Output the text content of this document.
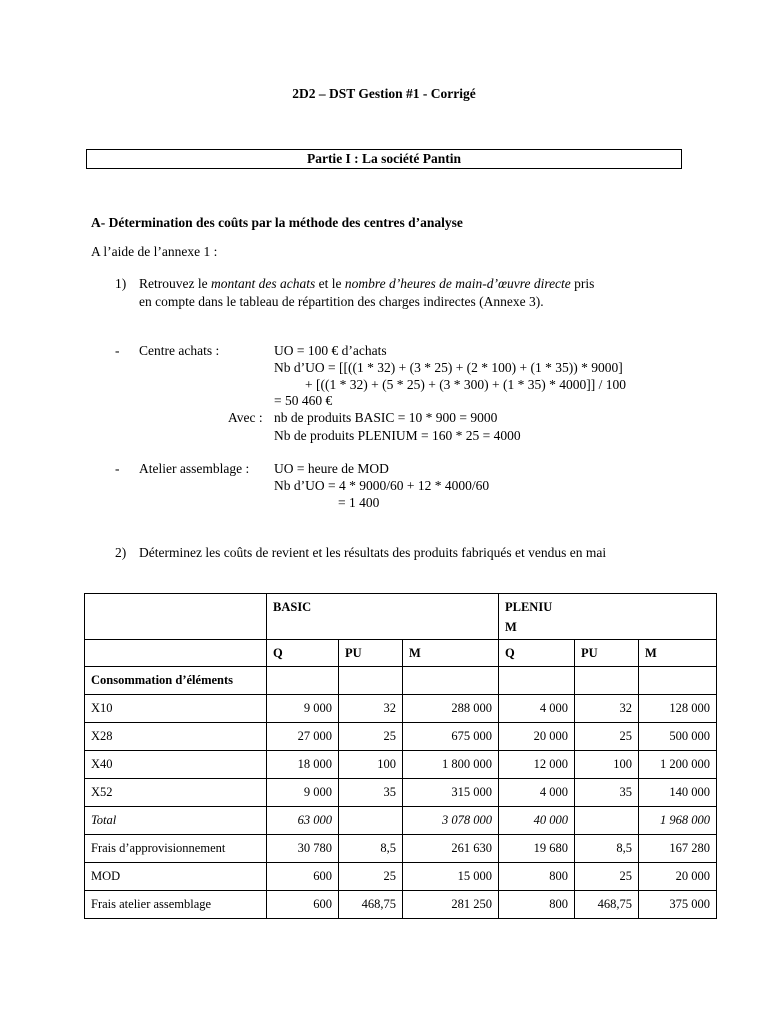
2D2 – DST Gestion #1 - Corrigé
Partie I : La société Pantin
A- Détermination des coûts par la méthode des centres d’analyse
A l’aide de l’annexe 1 :
1) Retrouvez le montant des achats et le nombre d’heures de main-d’œuvre directe pris
en compte dans le tableau de répartition des charges indirectes (Annexe 3).
- Centre achats :	UO = 100 € d’achats
Nb d’UO = [[((1 * 32) + (3 * 25) + (2 * 100) + (1 * 35)) * 9000]
+ [((1 * 32) + (5 * 25) + (3 * 300) + (1 * 35) * 4000]] / 100
= 50 460 €
Avec : nb de produits BASIC = 10 * 900 = 9000
Nb de produits PLENIUM = 160 * 25 = 4000
- Atelier assemblage : UO = heure de MOD
Nb d’UO = 4 * 9000/60 + 12 * 4000/60
= 1 400
2) Déterminez les coûts de revient et les résultats des produits fabriqués et vendus en mai
	BASIC			PLENIUM		

	Q	PU	M	Q	PU	M
Consommation d’éléments						
X10	9 000	32	288 000	4 000	32	128 000
X28	27 000	25	675 000	20 000	25	500 000
X40	18 000	100	1 800 000	12 000	100	1 200 000
X52	9 000	35	315 000	4 000	35	140 000
Total	63 000		3 078 000	40 000		1 968 000
Frais d’approvisionnement	30 780	8,5	261 630	19 680	8,5	167 280
MOD	600	25	15 000	800	25	20 000
Frais atelier assemblage	600	468,75	281 250	800	468,75	375 000
